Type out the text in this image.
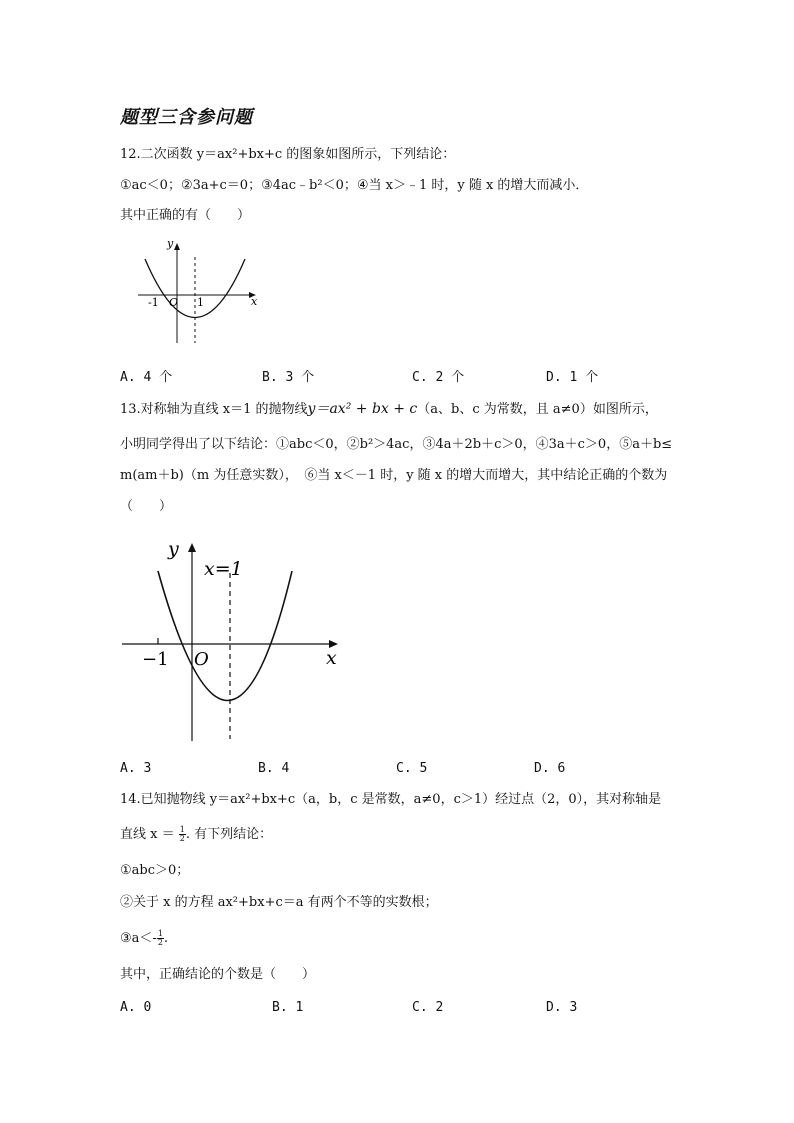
题型三含参问题
12.二次函数 y＝ax²+bx+c 的图象如图所示，下列结论：
①ac＜0；②3a+c＝0；③4ac﹣b²＜0；④当 x＞﹣1 时，y 随 x 的增大而减小．
其中正确的有（　　）
y
x
O
-1	1
A. 4 个	B. 3 个	C. 2 个	D. 1 个
13.对称轴为直线 x＝1 的抛物线y＝ax² + bx + c（a、b、c 为常数，且 a≠0）如图所示，
小明同学得出了以下结论：①abc＜0，②b²＞4ac，③4a＋2b＋c＞0，④3a＋c＞0，⑤a＋b≤
m(am＋b)（m 为任意实数），　⑥当 x＜－1 时，y 随 x 的增大而增大，其中结论正确的个数为
（　　）
y
x
O
−1
x=1
A. 3	B. 4	C. 5	D. 6
14.已知抛物线 y＝ax²+bx+c（a，b，c 是常数，a≠0，c＞1）经过点（2，0），其对称轴是
直线 $x = \frac{1}{2}$ . 有下列结论：
①abc＞0；
②关于 x 的方程 ax²+bx+c＝a 有两个不等的实数根；
③a＜- $\frac{1}{2}$ .
其中，正确结论的个数是（　　）
A. 0	B. 1	C. 2	D. 3
